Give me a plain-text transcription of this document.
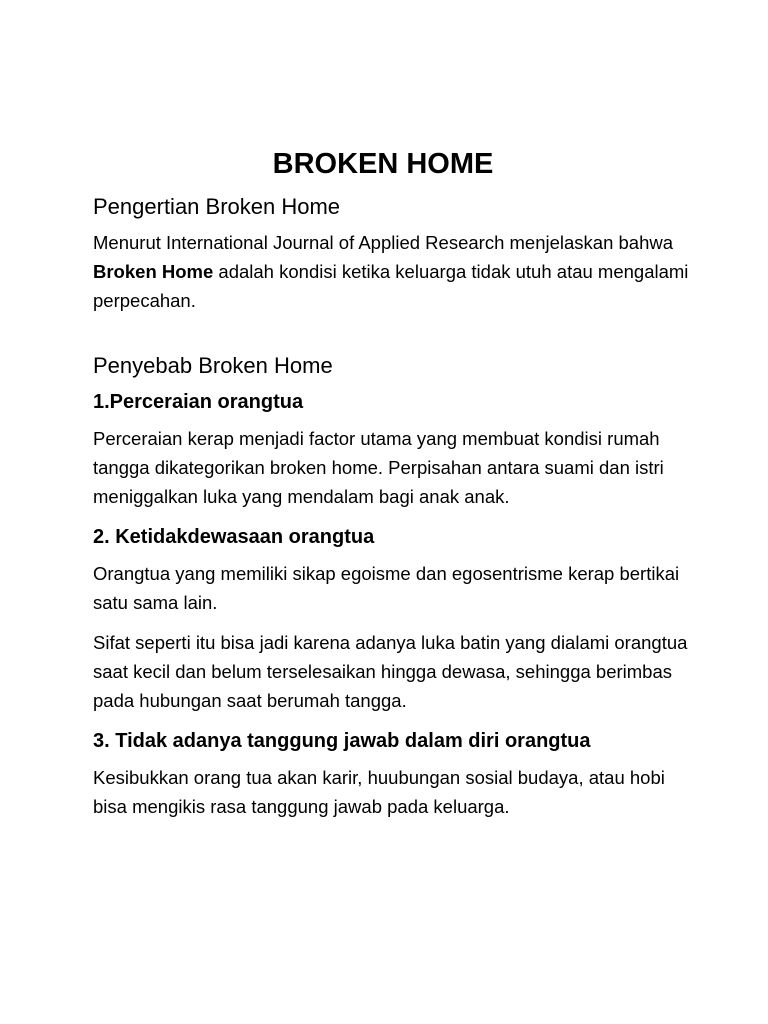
BROKEN HOME
Pengertian Broken Home

Menurut International Journal of Applied Research menjelaskan bahwa Broken Home adalah kondisi ketika keluarga tidak utuh atau mengalami perpecahan.

Penyebab Broken Home
1.Perceraian orangtua

Perceraian kerap menjadi factor utama yang membuat kondisi rumah tangga dikategorikan broken home. Perpisahan antara suami dan istri meniggalkan luka yang mendalam bagi anak anak.

2. Ketidakdewasaan orangtua

Orangtua yang memiliki sikap egoisme dan egosentrisme kerap bertikai satu sama lain.

Sifat seperti itu bisa jadi karena adanya luka batin yang dialami orangtua saat kecil dan belum terselesaikan hingga dewasa, sehingga berimbas pada hubungan saat berumah tangga.

3. Tidak adanya tanggung jawab dalam diri orangtua

Kesibukkan orang tua akan karir, huubungan sosial budaya, atau hobi bisa mengikis rasa tanggung jawab pada keluarga.
